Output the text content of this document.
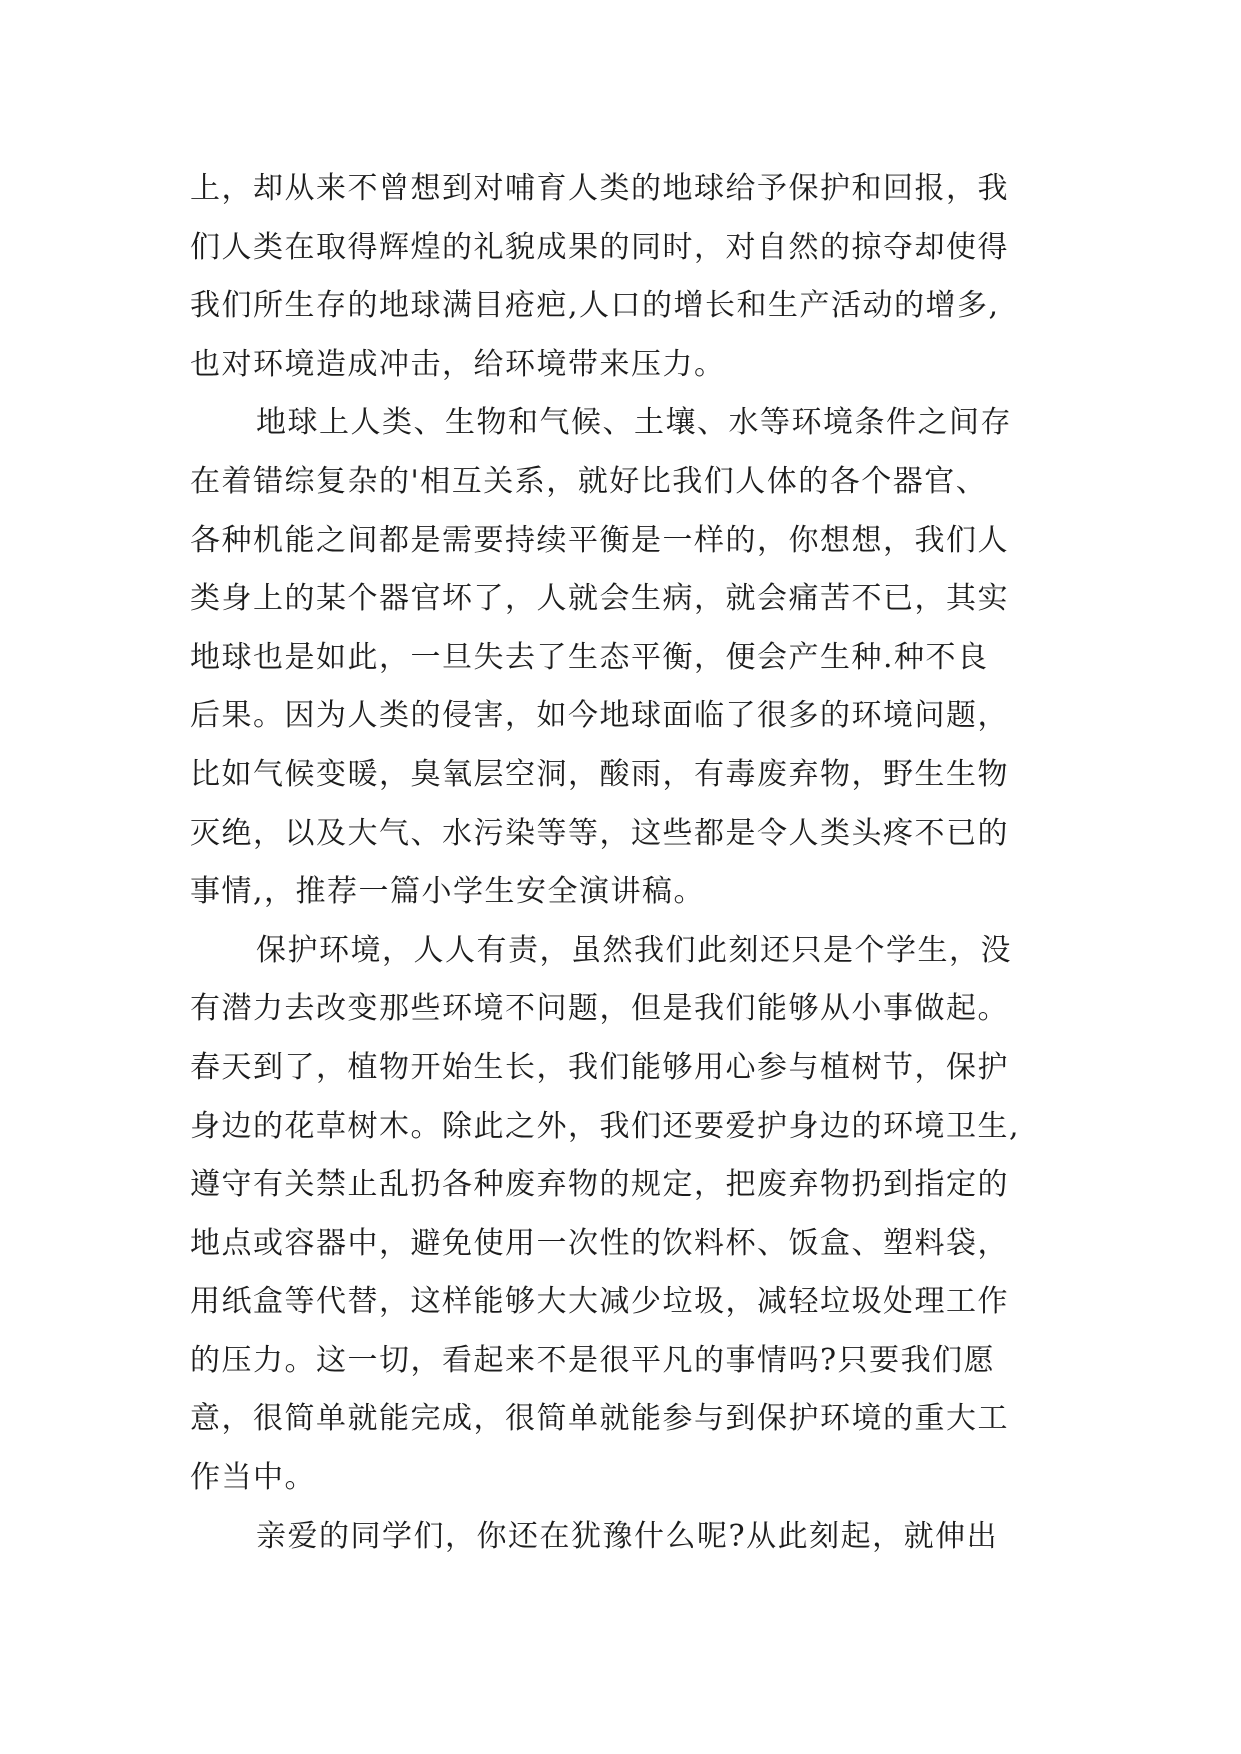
上，却从来不曾想到对哺育人类的地球给予保护和回报，我
们人类在取得辉煌的礼貌成果的同时，对自然的掠夺却使得
我们所生存的地球满目疮疤,人口的增长和生产活动的增多,
也对环境造成冲击，给环境带来压力。
地球上人类、生物和气候、土壤、水等环境条件之间存
在着错综复杂的'相互关系，就好比我们人体的各个器官、
各种机能之间都是需要持续平衡是一样的，你想想，我们人
类身上的某个器官坏了，人就会生病，就会痛苦不已，其实
地球也是如此，一旦失去了生态平衡，便会产生种.种不良
后果。因为人类的侵害，如今地球面临了很多的环境问题，
比如气候变暖，臭氧层空洞，酸雨，有毒废弃物，野生生物
灭绝，以及大气、水污染等等，这些都是令人类头疼不已的
事情,，推荐一篇小学生安全演讲稿。
保护环境，人人有责，虽然我们此刻还只是个学生，没
有潜力去改变那些环境不问题，但是我们能够从小事做起。
春天到了，植物开始生长，我们能够用心参与植树节，保护
身边的花草树木。除此之外，我们还要爱护身边的环境卫生,
遵守有关禁止乱扔各种废弃物的规定，把废弃物扔到指定的
地点或容器中，避免使用一次性的饮料杯、饭盒、塑料袋，
用纸盒等代替，这样能够大大减少垃圾，减轻垃圾处理工作
的压力。这一切，看起来不是很平凡的事情吗?只要我们愿
意，很简单就能完成，很简单就能参与到保护环境的重大工
作当中。
亲爱的同学们，你还在犹豫什么呢?从此刻起，就伸出
